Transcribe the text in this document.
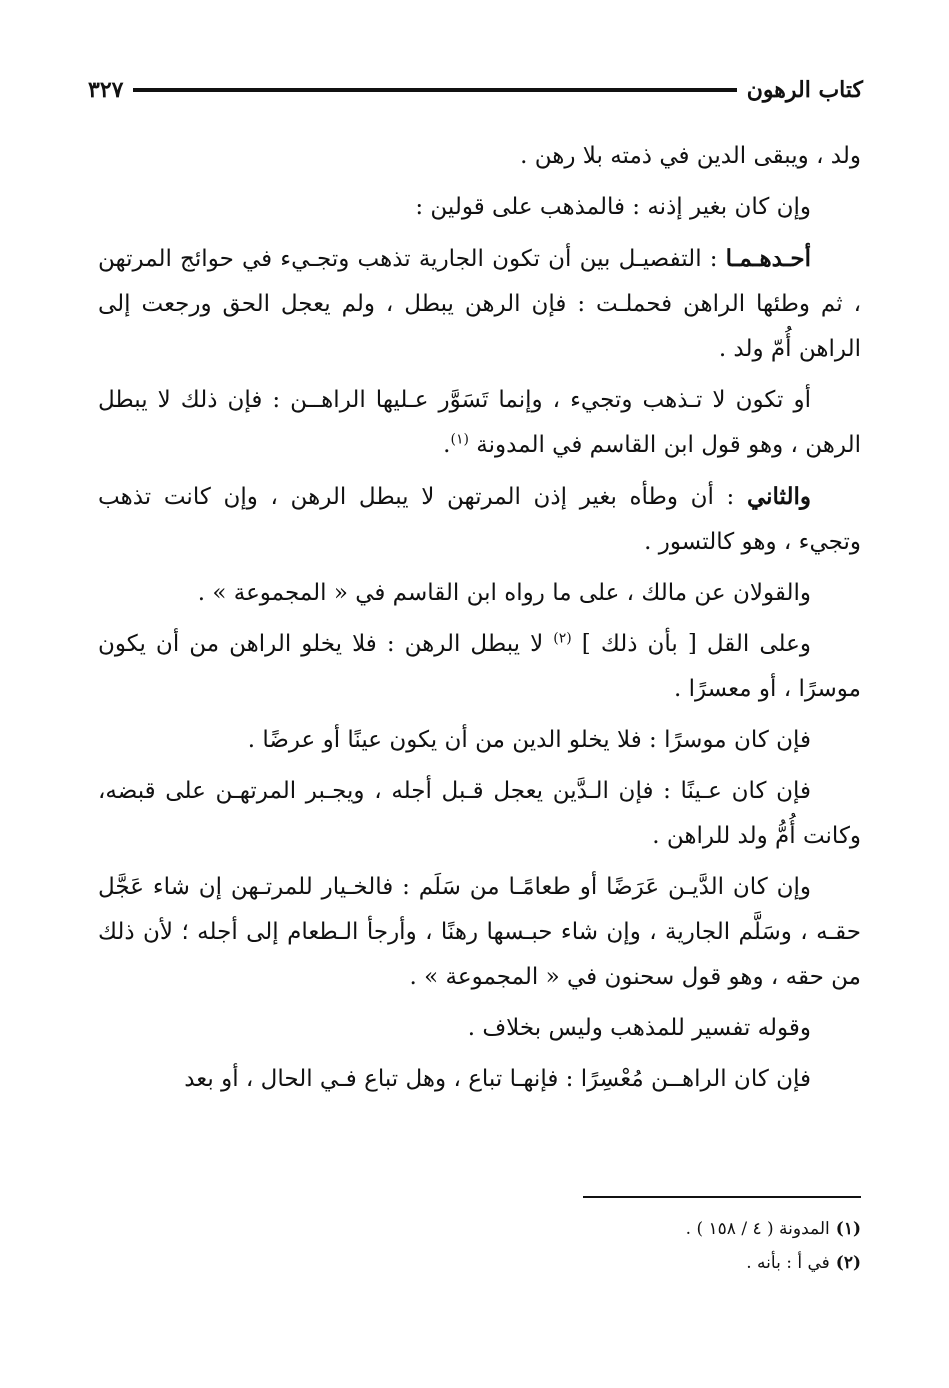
كتاب الرهون
٣٢٧

ولد ، ويبقى الدين في ذمته بلا رهن .

وإن كان بغير إذنه : فالمذهب على قولين :

أحـدهـمـا : التفصيـل بين أن تكون الجارية تذهب وتجـيء في حوائج المرتهن ، ثم وطئها الراهن فحملـت : فإن الرهن يبطل ، ولم يعجل الحق ورجعت إلى الراهن أُمّ ولد .

أو تكون لا تـذهب وتجيء ، وإنما تَسَوَّر عـليها الراهــن : فإن ذلك لا يبطل الرهن ، وهو قول ابن القاسم في المدونة $^{(١)}$.

والثاني : أن وطأه بغير إذن المرتهن لا يبطل الرهن ، وإن كانت تذهب وتجيء ، وهو كالتسور .

والقولان عن مالك ، على ما رواه ابن القاسم في « المجموعة » .

وعلى القل [ بأن ذلك ] $^{(٢)}$ لا يبطل الرهن : فلا يخلو الراهن من أن يكون موسرًا ، أو معسرًا .

فإن كان موسرًا : فلا يخلو الدين من أن يكون عينًا أو عرضًا .

فإن كان عـينًا : فإن الـدَّين يعجل قـبل أجله ، ويجـبر المرتهـن على قبضه، وكانت أُمُّ ولد للراهن .

وإن كان الدَّيـن عَرَضًا أو طعامًـا من سَلَم : فالخـيار للمرتـهن إن شاء عَجَّل حقـه ، وسَلَّم الجارية ، وإن شاء حبـسها رهنًا ، وأرجأ الـطعام إلى أجله ؛ لأن ذلك من حقه ، وهو قول سحنون في « المجموعة » .

وقوله تفسير للمذهب وليس بخلاف .

فإن كان الراهــن مُعْسِرًا : فإنهـا تباع ، وهل تباع فـي الحال ، أو بعد

(١)المدونة ( ٤ / ١٥٨ ) .

(٢)في أ : بأنه .
